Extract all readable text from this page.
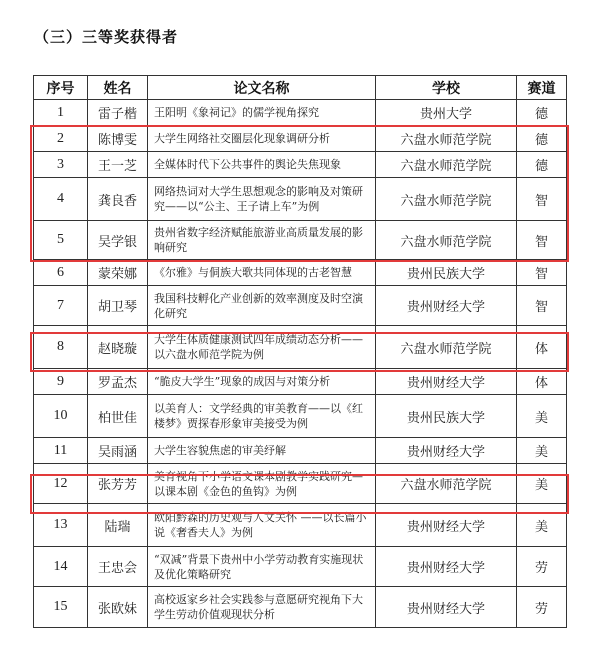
（三）三等奖获得者
序号	姓名	论文名称	学校	赛道
1	雷子楷	王阳明《象祠记》的儒学视角探究	贵州大学	德
2	陈博雯	大学生网络社交圈层化现象调研分析	六盘水师范学院	德
3	王一芝	全媒体时代下公共事件的舆论失焦现象	六盘水师范学院	德
4	龚良香	网络热词对大学生思想观念的影响及对策研究——以“公主、王子请上车”为例	六盘水师范学院	智
5	吴学银	贵州省数字经济赋能旅游业高质量发展的影响研究	六盘水师范学院	智
6	蒙荣娜	《尔雅》与侗族大歌共同体现的古老智慧	贵州民族大学	智
7	胡卫琴	我国科技孵化产业创新的效率测度及时空演化研究	贵州财经大学	智
8	赵晓璇	大学生体质健康测试四年成绩动态分析——以六盘水师范学院为例	六盘水师范学院	体
9	罗孟杰	“脆皮大学生”现象的成因与对策分析	贵州财经大学	体
10	柏世佳	以美育人：文学经典的审美教育——以《红楼梦》贾探春形象审美接受为例	贵州民族大学	美
11	吴雨涵	大学生容貌焦虑的审美纾解	贵州财经大学	美
12	张芳芳	美育视角下小学语文课本剧教学实践研究—以课本剧《金色的鱼钩》为例	六盘水师范学院	美
13	陆瑞	欧阳黔森的历史观与人文关怀 ——以长篇小说《奢香夫人》为例	贵州财经大学	美
14	王忠会	“双减”背景下贵州中小学劳动教育实施现状及优化策略研究	贵州财经大学	劳
15	张欧妹	高校返家乡社会实践参与意愿研究视角下大学生劳动价值观现状分析	贵州财经大学	劳
